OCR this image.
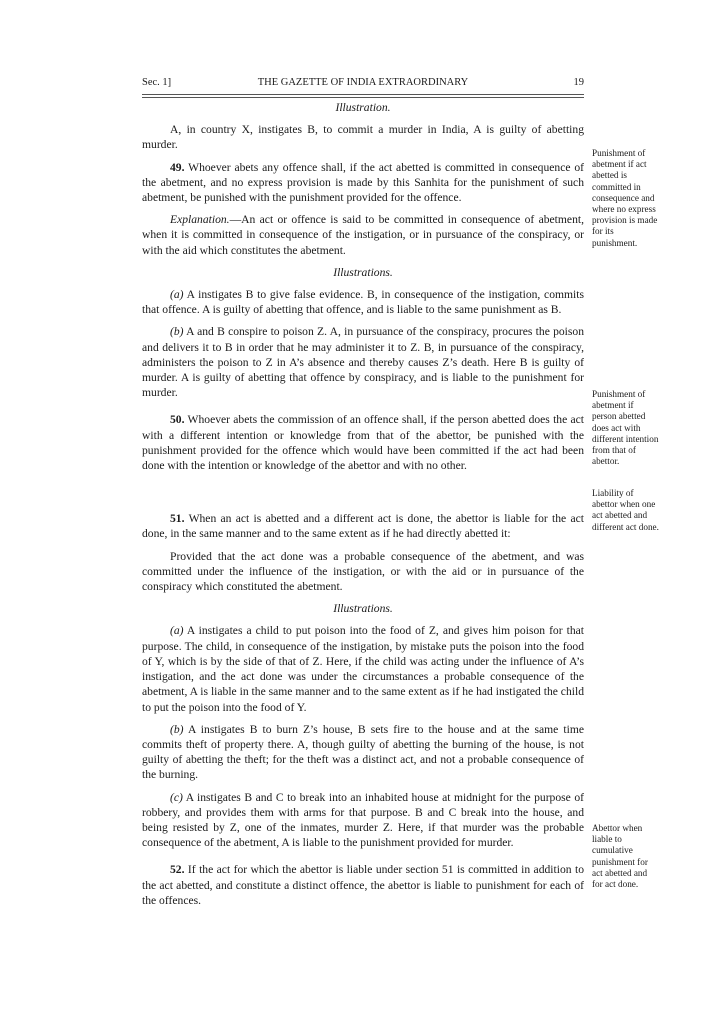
Sec. 1]	THE GAZETTE OF INDIA EXTRAORDINARY	19

Illustration.

A, in country X, instigates B, to commit a murder in India, A is guilty of abetting murder.

49. Whoever abets any offence shall, if the act abetted is committed in consequence of the abetment, and no express provision is made by this Sanhita for the punishment of such abetment, be punished with the punishment provided for the offence.

Explanation.—An act or offence is said to be committed in consequence of abetment, when it is committed in consequence of the instigation, or in pursuance of the conspiracy, or with the aid which constitutes the abetment.

Illustrations.

(a) A instigates B to give false evidence. B, in consequence of the instigation, commits that offence. A is guilty of abetting that offence, and is liable to the same punishment as B.

(b) A and B conspire to poison Z. A, in pursuance of the conspiracy, procures the poison and delivers it to B in order that he may administer it to Z. B, in pursuance of the conspiracy, administers the poison to Z in A’s absence and thereby causes Z’s death. Here B is guilty of murder. A is guilty of abetting that offence by conspiracy, and is liable to the punishment for murder.

50. Whoever abets the commission of an offence shall, if the person abetted does the act with a different intention or knowledge from that of the abettor, be punished with the punishment provided for the offence which would have been committed if the act had been done with the intention or knowledge of the abettor and with no other.

51. When an act is abetted and a different act is done, the abettor is liable for the act done, in the same manner and to the same extent as if he had directly abetted it:

Provided that the act done was a probable consequence of the abetment, and was committed under the influence of the instigation, or with the aid or in pursuance of the conspiracy which constituted the abetment.

Illustrations.

(a) A instigates a child to put poison into the food of Z, and gives him poison for that purpose. The child, in consequence of the instigation, by mistake puts the poison into the food of Y, which is by the side of that of Z. Here, if the child was acting under the influence of A’s instigation, and the act done was under the circumstances a probable consequence of the abetment, A is liable in the same manner and to the same extent as if he had instigated the child to put the poison into the food of Y.

(b) A instigates B to burn Z’s house, B sets fire to the house and at the same time commits theft of property there. A, though guilty of abetting the burning of the house, is not guilty of abetting the theft; for the theft was a distinct act, and not a probable consequence of the burning.

(c) A instigates B and C to break into an inhabited house at midnight for the purpose of robbery, and provides them with arms for that purpose. B and C break into the house, and being resisted by Z, one of the inmates, murder Z. Here, if that murder was the probable consequence of the abetment, A is liable to the punishment provided for murder.

52. If the act for which the abettor is liable under section 51 is committed in addition to the act abetted, and constitute a distinct offence, the abettor is liable to punishment for each of the offences.

Punishment of abetment if act abetted is committed in consequence and where no express provision is made for its punishment.
Punishment of abetment if person abetted does act with different intention from that of abettor.
Liability of abettor when one act abetted and different act done.
Abettor when liable to cumulative punishment for act abetted and for act done.
